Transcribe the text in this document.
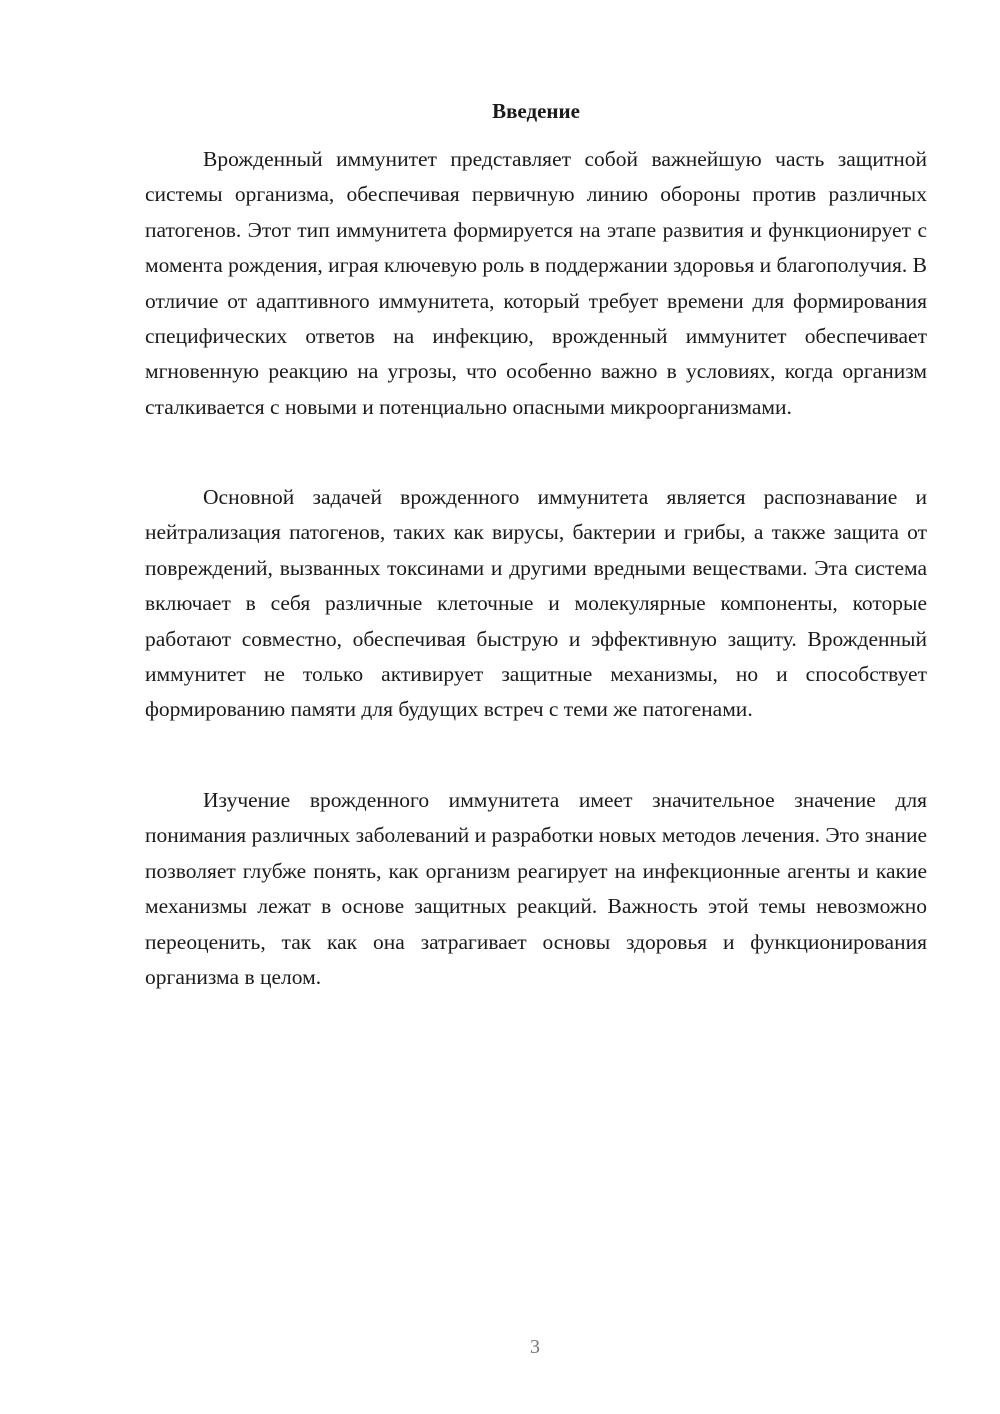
Введение

Врожденный иммунитет представляет собой важнейшую часть защитной системы организма, обеспечивая первичную линию обороны против различных патогенов. Этот тип иммунитета формируется на этапе развития и функционирует с момента рождения, играя ключевую роль в поддержании здоровья и благополучия. В отличие от адаптивного иммунитета, который требует времени для формирования специфических ответов на инфекцию, врожденный иммунитет обеспечивает мгновенную реакцию на угрозы, что особенно важно в условиях, когда организм сталкивается с новыми и потенциально опасными микроорганизмами.

Основной задачей врожденного иммунитета является распознавание и нейтрализация патогенов, таких как вирусы, бактерии и грибы, а также защита от повреждений, вызванных токсинами и другими вредными веществами. Эта система включает в себя различные клеточные и молекулярные компоненты, которые работают совместно, обеспечивая быструю и эффективную защиту. Врожденный иммунитет не только активирует защитные механизмы, но и способствует формированию памяти для будущих встреч с теми же патогенами.

Изучение врожденного иммунитета имеет значительное значение для понимания различных заболеваний и разработки новых методов лечения. Это знание позволяет глубже понять, как организм реагирует на инфекционные агенты и какие механизмы лежат в основе защитных реакций. Важность этой темы невозможно переоценить, так как она затрагивает основы здоровья и функционирования организма в целом.

3
